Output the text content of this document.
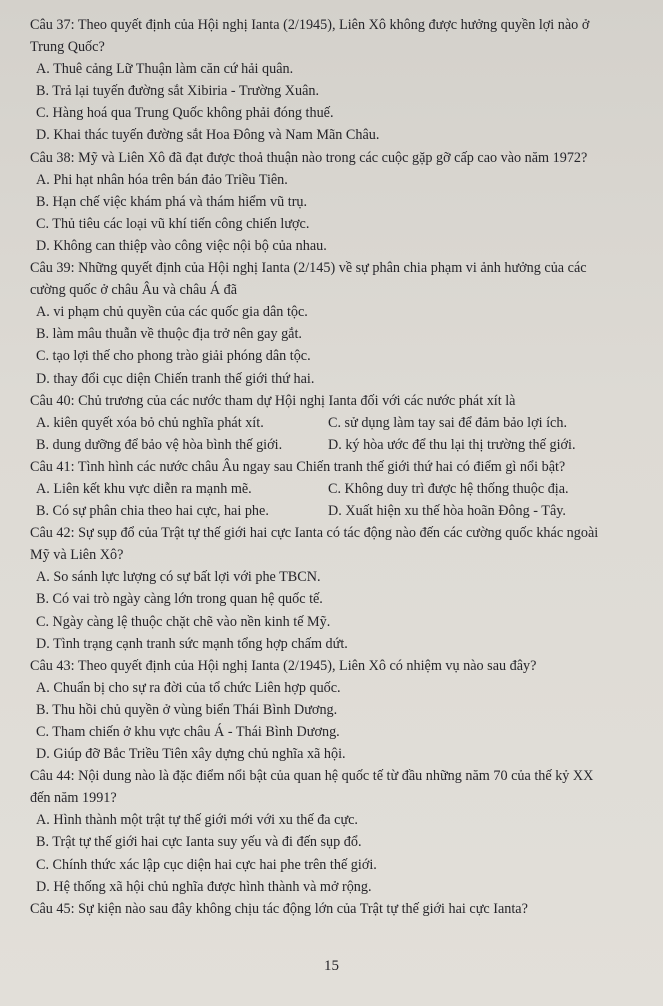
Câu 37: Theo quyết định của Hội nghị Ianta (2/1945), Liên Xô không được hưởng quyền lợi nào ở
Trung Quốc?
A. Thuê cảng Lữ Thuận làm căn cứ hải quân.
B. Trả lại tuyến đường sắt Xibiria - Trường Xuân.
C. Hàng hoá qua Trung Quốc không phải đóng thuế.
D. Khai thác tuyến đường sắt Hoa Đông và Nam Mãn Châu.
Câu 38: Mỹ và Liên Xô đã đạt được thoả thuận nào trong các cuộc gặp gỡ cấp cao vào năm 1972?
A. Phi hạt nhân hóa trên bán đảo Triều Tiên.
B. Hạn chế việc khám phá và thám hiểm vũ trụ.
C. Thủ tiêu các loại vũ khí tiến công chiến lược.
D. Không can thiệp vào công việc nội bộ của nhau.
Câu 39: Những quyết định của Hội nghị Ianta (2/145) về sự phân chia phạm vi ảnh hưởng của các
cường quốc ở châu Âu và châu Á đã
A. vi phạm chủ quyền của các quốc gia dân tộc.
B. làm mâu thuẫn về thuộc địa trở nên gay gắt.
C. tạo lợi thế cho phong trào giải phóng dân tộc.
D. thay đổi cục diện Chiến tranh thế giới thứ hai.
Câu 40: Chủ trương của các nước tham dự Hội nghị Ianta đối với các nước phát xít là
A. kiên quyết xóa bỏ chủ nghĩa phát xít.	C. sử dụng làm tay sai để đảm bảo lợi ích.
B. dung dưỡng để bảo vệ hòa bình thế giới.	D. ký hòa ước để thu lại thị trường thế giới.
Câu 41: Tình hình các nước châu Âu ngay sau Chiến tranh thế giới thứ hai có điểm gì nổi bật?
A. Liên kết khu vực diễn ra mạnh mẽ.	C. Không duy trì được hệ thống thuộc địa.
B. Có sự phân chia theo hai cực, hai phe.	D. Xuất hiện xu thế hòa hoãn Đông - Tây.
Câu 42: Sự sụp đổ của Trật tự thế giới hai cực Ianta có tác động nào đến các cường quốc khác ngoài
Mỹ và Liên Xô?
A. So sánh lực lượng có sự bất lợi với phe TBCN.
B. Có vai trò ngày càng lớn trong quan hệ quốc tế.
C. Ngày càng lệ thuộc chặt chẽ vào nền kinh tế Mỹ.
D. Tình trạng cạnh tranh sức mạnh tổng hợp chấm dứt.
Câu 43: Theo quyết định của Hội nghị Ianta (2/1945), Liên Xô có nhiệm vụ nào sau đây?
A. Chuẩn bị cho sự ra đời của tổ chức Liên hợp quốc.
B. Thu hồi chủ quyền ở vùng biển Thái Bình Dương.
C. Tham chiến ở khu vực châu Á - Thái Bình Dương.
D. Giúp đỡ Bắc Triều Tiên xây dựng chủ nghĩa xã hội.
Câu 44: Nội dung nào là đặc điểm nổi bật của quan hệ quốc tế từ đầu những năm 70 của thế kỷ XX
đến năm 1991?
A. Hình thành một trật tự thế giới mới với xu thế đa cực.
B. Trật tự thế giới hai cực Ianta suy yếu và đi đến sụp đổ.
C. Chính thức xác lập cục diện hai cực hai phe trên thế giới.
D. Hệ thống xã hội chủ nghĩa được hình thành và mở rộng.
Câu 45: Sự kiện nào sau đây không chịu tác động lớn của Trật tự thế giới hai cực Ianta?
15
